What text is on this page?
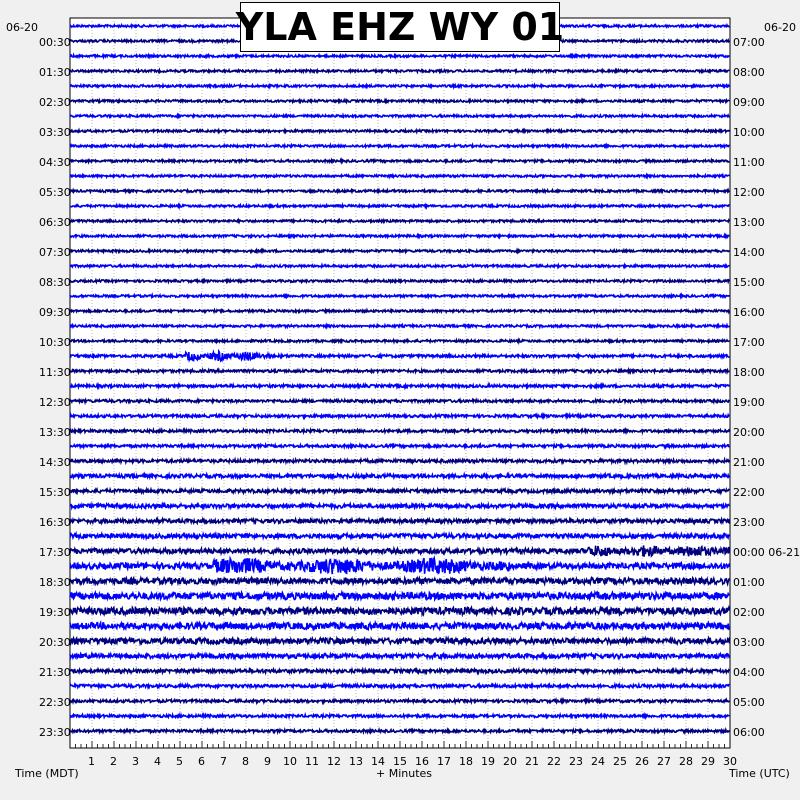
1 2 3 4 5 6 7 8 9 10 11 12 13 14 15 16 17 18 19 20 21 22 23 24 25 26 27 28 29 30
00:30
01:30
02:30
03:30
04:30
05:30
06:30
07:30
08:30
09:30
10:30
11:30
12:30
13:30
14:30
15:30
16:30
17:30
18:30
19:30
20:30
21:30
22:30
23:30
07:00
08:00
09:00
10:00
11:00
12:00
13:00
14:00
15:00
16:00
17:00
18:00
19:00
20:00
21:00
22:00
23:00
00:00 06-21
01:00
02:00
03:00
04:00
05:00
06:00
06-20	06-20
Time (MDT)	+ Minutes	Time (UTC)
YLA EHZ WY 01
